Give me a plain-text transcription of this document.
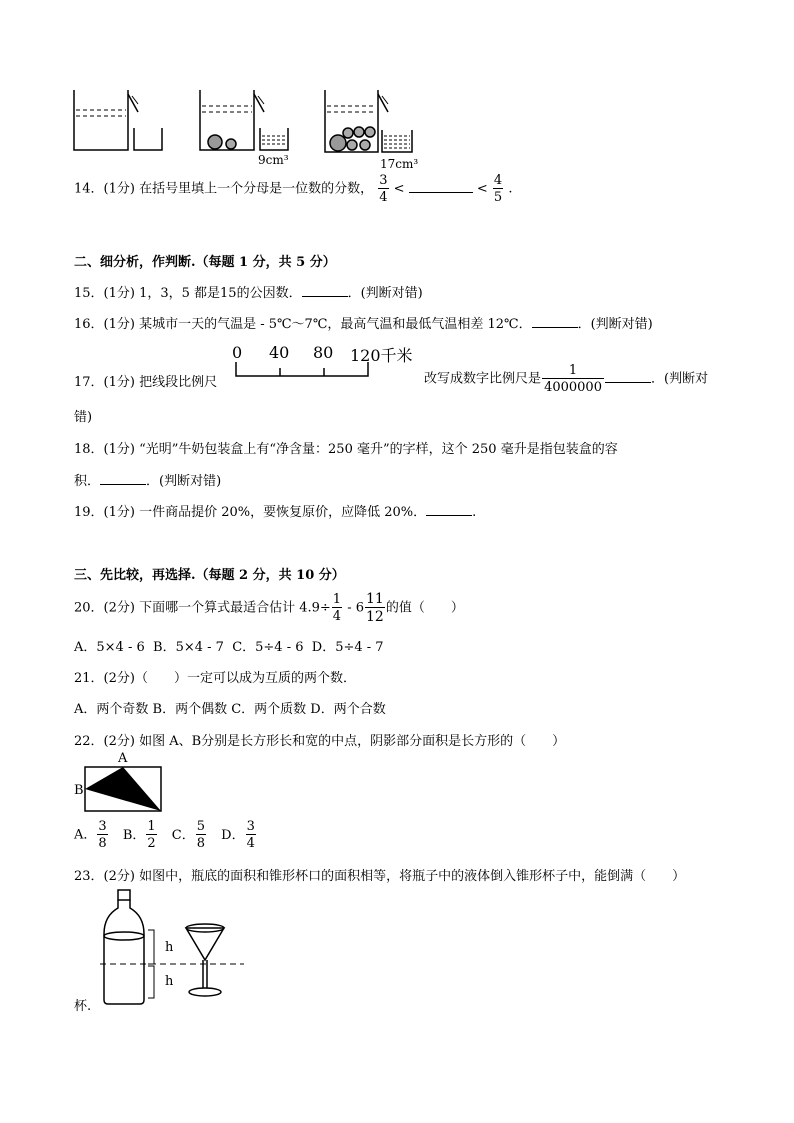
9cm³	17cm³
14．(1分) 在括号里填上一个分母是一位数的分数， $\frac{3}{4}$ <	< $\frac{4}{5}$ .
二、细分析，作判断.（每题 1 分，共 5 分）
15．(1分) 1，3，5 都是15的公因数．	．(判断对错)
16．(1分) 某城市一天的气温是 - 5℃～7℃，最高气温和最低气温相差 12℃．	．(判断对错)
17．(1分) 把线段比例尺
0 40 80 120千米
改写成数字比例尺是 $\frac{1}{4000000}$	．(判断对
错)
18．(1分) “光明”牛奶包装盒上有“净含量：250 毫升”的字样，这个 250 毫升是指包装盒的容
积．	．(判断对错)
19．(1分) 一件商品提价 20%，要恢复原价，应降低 20%．	.
三、先比较，再选择.（每题 2 分，共 10 分）
20．(2分) 下面哪一个算式最适合估计 $4.9\div \frac{1}{4} - 6 \frac{11}{12}$ 的值（　　）
A．5×4 - 6  B．5×4 - 7  C．5÷4 - 6  D．5÷4 - 7
21．(2分)（　　）一定可以成为互质的两个数．
A．两个奇数 B．两个偶数 C．两个质数 D．两个合数
22．(2分) 如图 A、B分别是长方形长和宽的中点，阴影部分面积是长方形的（　　）
A
B
A． $\frac{3}{8}$ B． $\frac{1}{2}$ C． $\frac{5}{8}$ D． $\frac{3}{4}$
23．(2分) 如图中，瓶底的面积和锥形杯口的面积相等，将瓶子中的液体倒入锥形杯子中，能倒满（　　）
h
h
杯.
